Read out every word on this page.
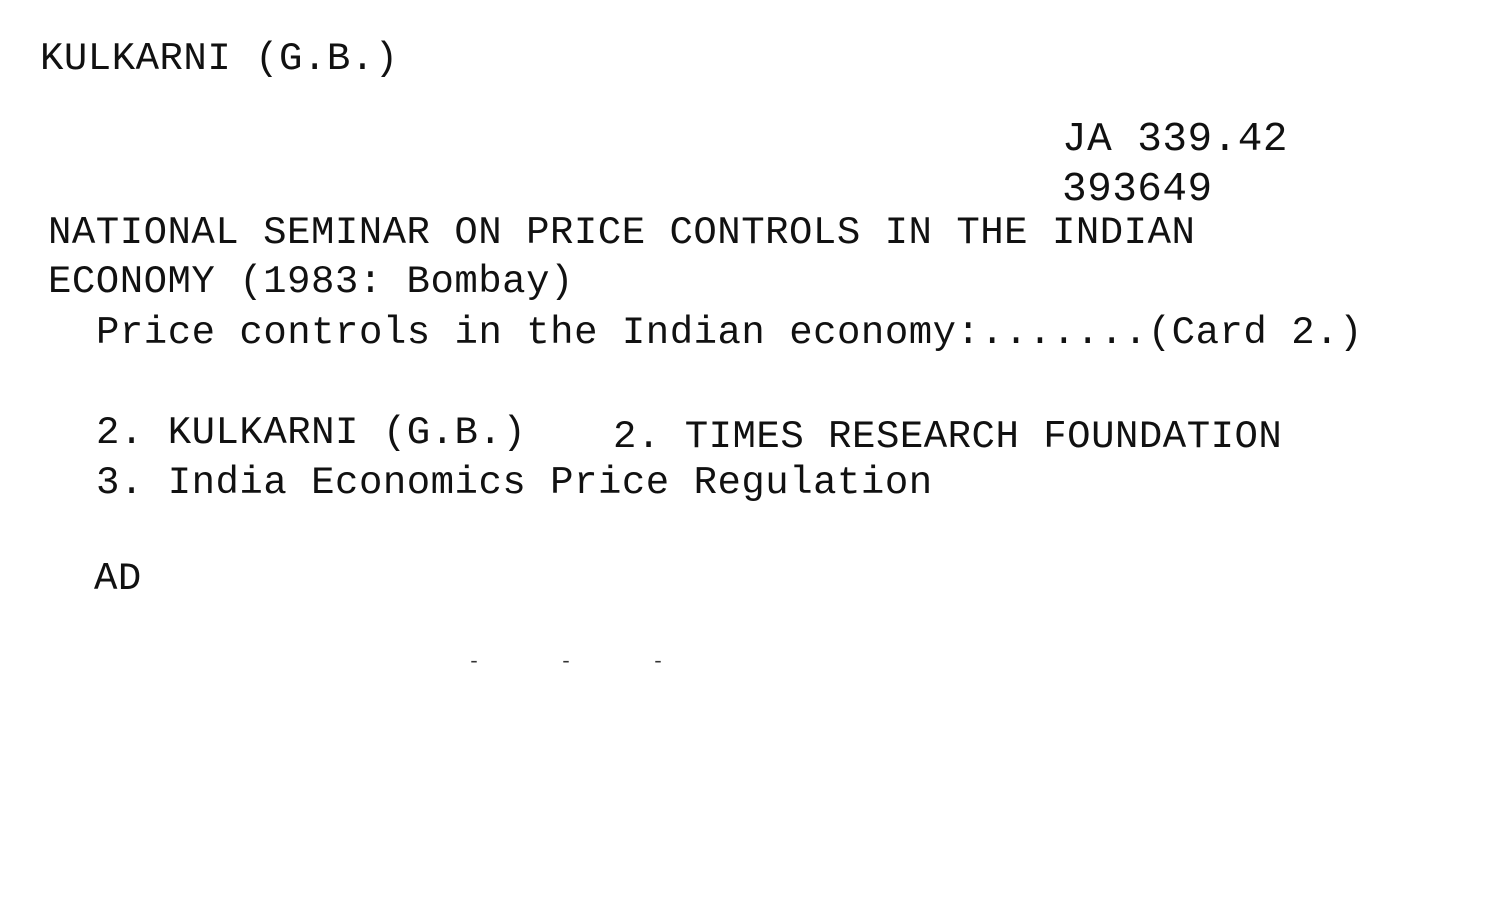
KULKARNI (G.B.)
JA 339.42
393649
NATIONAL SEMINAR ON PRICE CONTROLS IN THE INDIAN
ECONOMY (1983: Bombay)
Price controls in the Indian economy:.......(Card 2.)
2. KULKARNI (G.B.) 2. TIMES RESEARCH FOUNDATION
3. India Economics Price Regulation
AD
- - -
